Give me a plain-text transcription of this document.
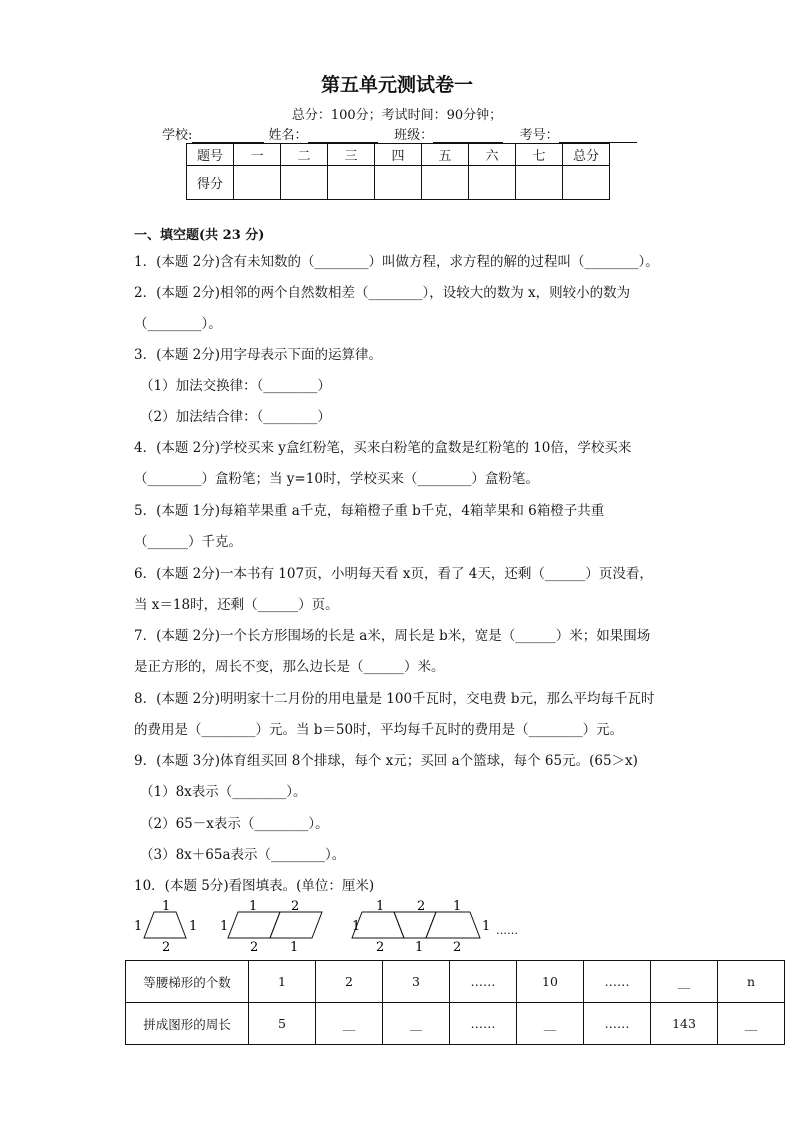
第五单元测试卷一
总分：100分；考试时间：90分钟；
学校:	姓名：	班级：	考号：
题号	一	二	三	四	五	六	七	总分
得分								
一、填空题(共 23 分)
1．(本题 2分)含有未知数的（________）叫做方程，求方程的解的过程叫（________）。
2．(本题 2分)相邻的两个自然数相差（________），设较大的数为 x，则较小的数为
（________）。
3．(本题 2分)用字母表示下面的运算律。
（1）加法交换律：（________）
（2）加法结合律：（________）
4．(本题 2分)学校买来 y盒红粉笔，买来白粉笔的盒数是红粉笔的 10倍，学校买来
（________）盒粉笔；当 y=10时，学校买来（________）盒粉笔。
5．(本题 1分)每箱苹果重 a千克，每箱橙子重 b千克，4箱苹果和 6箱橙子共重
（______）千克。
6．(本题 2分)一本书有 107页，小明每天看 x页，看了 4天，还剩（______）页没看，
当 x＝18时，还剩（______）页。
7．(本题 2分)一个长方形围场的长是 a米，周长是 b米，宽是（______）米；如果围场
是正方形的，周长不变，那么边长是（______）米。
8．(本题 2分)明明家十二月份的用电量是 100千瓦时，交电费 b元，那么平均每千瓦时
的费用是（________）元。当 b＝50时，平均每千瓦时的费用是（________）元。
9．(本题 3分)体育组买回 8个排球，每个 x元；买回 a个篮球，每个 65元。(65＞x)
（1）8x表示（________）。
（2）65－x表示（________）。
（3）8x＋65a表示（________）。
10．(本题 5分)看图填表。(单位：厘米)
1
1	1
2
1	2
1
2 1
1	2 1
1
2 1 2
1 ……
等腰梯形的个数	1	2	3	……	10	……	__	n
拼成图形的周长	5	__	__	……	__	……	143	__
